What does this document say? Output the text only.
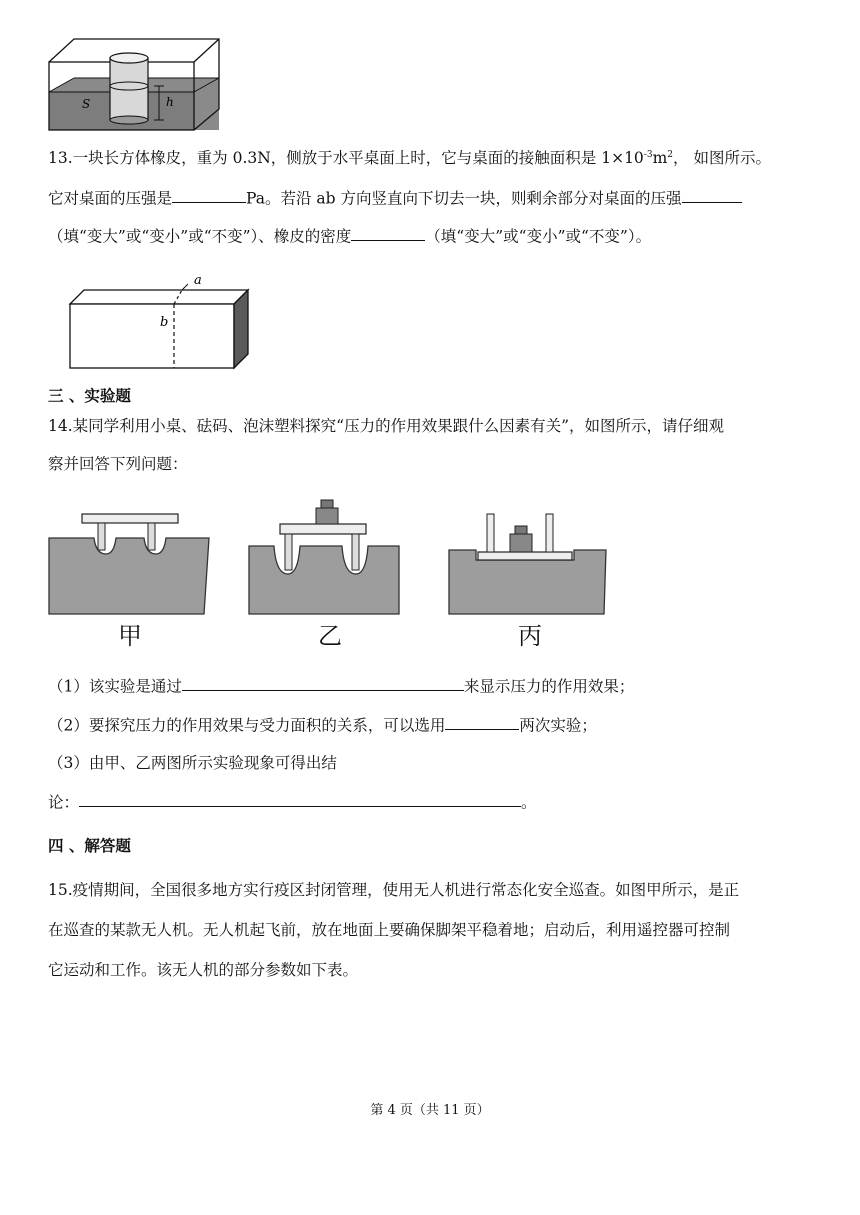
h
S
13.一块长方体橡皮，重为 0.3N，侧放于水平桌面上时，它与桌面的接触面积是 $1\times 10^{-3}m^2$， 如图所示。
它对桌面的压强是	Pa。若沿 ab 方向竖直向下切去一块，则剩余部分对桌面的压强
（填“变大”或“变小”或“不变”）、橡皮的密度	（填“变大”或“变小”或“不变”）。
a
b
三 、实验题
14.某同学利用小桌、砝码、泡沫塑料探究“压力的作用效果跟什么因素有关”，如图所示，请仔细观
察并回答下列问题：
甲	乙	丙
（1）该实验是通过	来显示压力的作用效果；
（2）要探究压力的作用效果与受力面积的关系，可以选用	两次实验；
（3）由甲、乙两图所示实验现象可得出结
论：	。
四 、解答题
15.疫情期间，全国很多地方实行疫区封闭管理，使用无人机进行常态化安全巡查。如图甲所示，是正
在巡查的某款无人机。无人机起飞前，放在地面上要确保脚架平稳着地；启动后，利用遥控器可控制
它运动和工作。该无人机的部分参数如下表。
第 4 页（共 11 页）
